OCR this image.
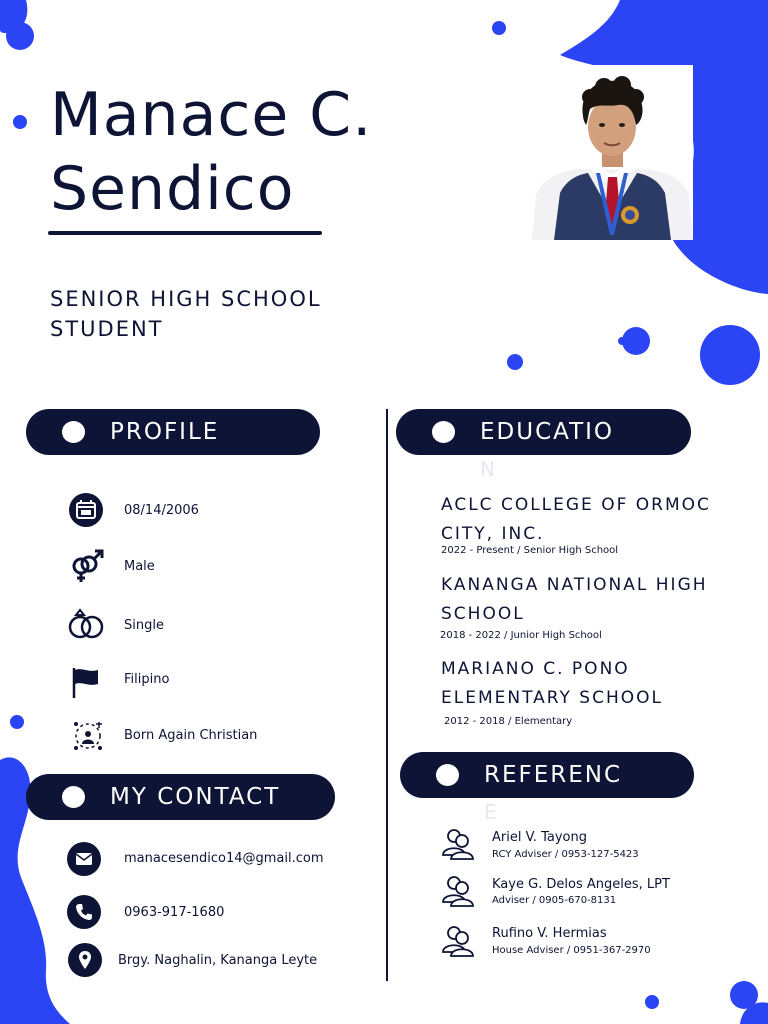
Manace C.
Sendico
SENIOR HIGH SCHOOL
STUDENT
PROFILE
08/14/2006
Male
Single
Filipino
Born Again Christian
MY CONTACT
manacesendico14@gmail.com
0963-917-1680
Brgy. Naghalin, Kananga Leyte
EDUCATIO
N
ACLC COLLEGE OF ORMOC
CITY, INC.
2022 - Present / Senior High School
KANANGA NATIONAL HIGH
SCHOOL
2018 - 2022 / Junior High School
MARIANO C. PONO
ELEMENTARY SCHOOL
2012 - 2018 / Elementary
REFERENC
E
Ariel V. Tayong
RCY Adviser / 0953-127-5423
Kaye G. Delos Angeles, LPT
Adviser / 0905-670-8131
Rufino V. Hermias
House Adviser / 0951-367-2970
